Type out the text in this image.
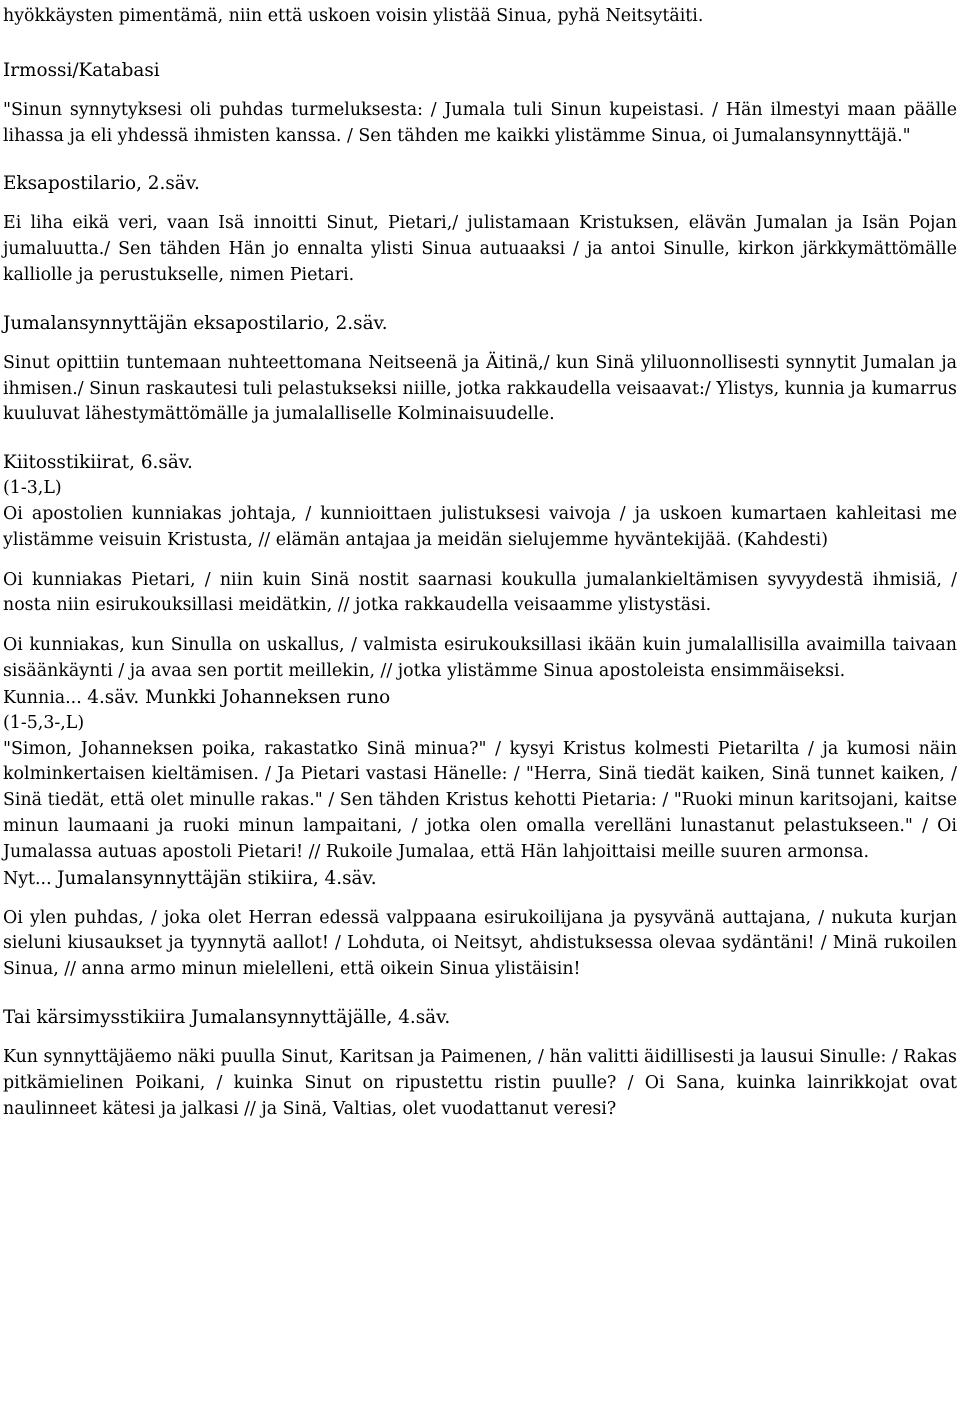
hyökkäysten pimentämä, niin että uskoen voisin ylistää Sinua, pyhä Neitsytäiti.

Irmossi/Katabasi

"Sinun synnytyksesi oli puhdas turmeluksesta: / Jumala tuli Sinun kupeistasi. / Hän ilmestyi maan päälle lihassa ja eli yhdessä ihmisten kanssa. / Sen tähden me kaikki ylistämme Sinua, oi Jumalansynnyttäjä."

Eksapostilario, 2.säv.

Ei liha eikä veri, vaan Isä innoitti Sinut, Pietari,/ julistamaan Kristuksen, elävän Jumalan ja Isän Pojan jumaluutta./ Sen tähden Hän jo ennalta ylisti Sinua autuaaksi / ja antoi Sinulle, kirkon järkkymättömälle kalliolle ja perustukselle, nimen Pietari.

Jumalansynnyttäjän eksapostilario, 2.säv.

Sinut opittiin tuntemaan nuhteettomana Neitseenä ja Äitinä,/ kun Sinä yliluonnollisesti synnytit Jumalan ja ihmisen./ Sinun raskautesi tuli pelastukseksi niille, jotka rakkaudella veisaavat:/ Ylistys, kunnia ja kumarrus kuuluvat lähestymättömälle ja jumalalliselle Kolminaisuudelle.

Kiitosstikiirat, 6.säv.

(1-3,L)

Oi apostolien kunniakas johtaja, / kunnioittaen julistuksesi vaivoja / ja uskoen kumartaen kahleitasi me ylistämme veisuin Kristusta, // elämän antajaa ja meidän sielujemme hyväntekijää. (Kahdesti)

Oi kunniakas Pietari, / niin kuin Sinä nostit saarnasi koukulla jumalankieltämisen syvyydestä ihmisiä, / nosta niin esirukouksillasi meidätkin, // jotka rakkaudella veisaamme ylistystäsi.

Oi kunniakas, kun Sinulla on uskallus, / valmista esirukouksillasi ikään kuin jumalallisilla avaimilla taivaan sisäänkäynti / ja avaa sen portit meillekin, // jotka ylistämme Sinua apostoleista ensimmäiseksi.

Kunnia... 4.säv. Munkki Johanneksen runo

(1-5,3-,L)

"Simon, Johanneksen poika, rakastatko Sinä minua?" / kysyi Kristus kolmesti Pietariltа / ja kumosi näin kolminkertaisen kieltämisen. / Ja Pietari vastasi Hänelle: / "Herra, Sinä tiedät kaiken, Sinä tunnet kaiken, / Sinä tiedät, että olet minulle rakas." / Sen tähden Kristus kehotti Pietaria: / "Ruoki minun karitsojani, kaitse minun laumaani ja ruoki minun lampaitani, / jotka olen omalla verelläni lunastanut pelastukseen." / Oi Jumalassa autuas apostoli Pietari! // Rukoile Jumalaa, että Hän lahjoittaisi meille suuren armonsa.

Nyt... Jumalansynnyttäjän stikiira, 4.säv.

Oi ylen puhdas, / joka olet Herran edessä valppaana esirukoilijana ja pysyvänä auttajana, / nukuta kurjan sieluni kiusaukset ja tyynnytä aallot! / Lohduta, oi Neitsyt, ahdistuksessa olevaa sydäntäni! / Minä rukoilen Sinua, // anna armo minun mielelleni, että oikein Sinua ylistäisin!

Tai kärsimysstikiira Jumalansynnyttäjälle, 4.säv.

Kun synnyttäjäemo näki puulla Sinut, Karitsan ja Paimenen, / hän valitti äidillisesti ja lausui Sinulle: / Rakas pitkämielinen Poikani, / kuinka Sinut on ripustettu ristin puulle? / Oi Sana, kuinka lainrikkojat ovat naulinneet kätesi ja jalkasi // ja Sinä, Valtias, olet vuodattanut veresi?
